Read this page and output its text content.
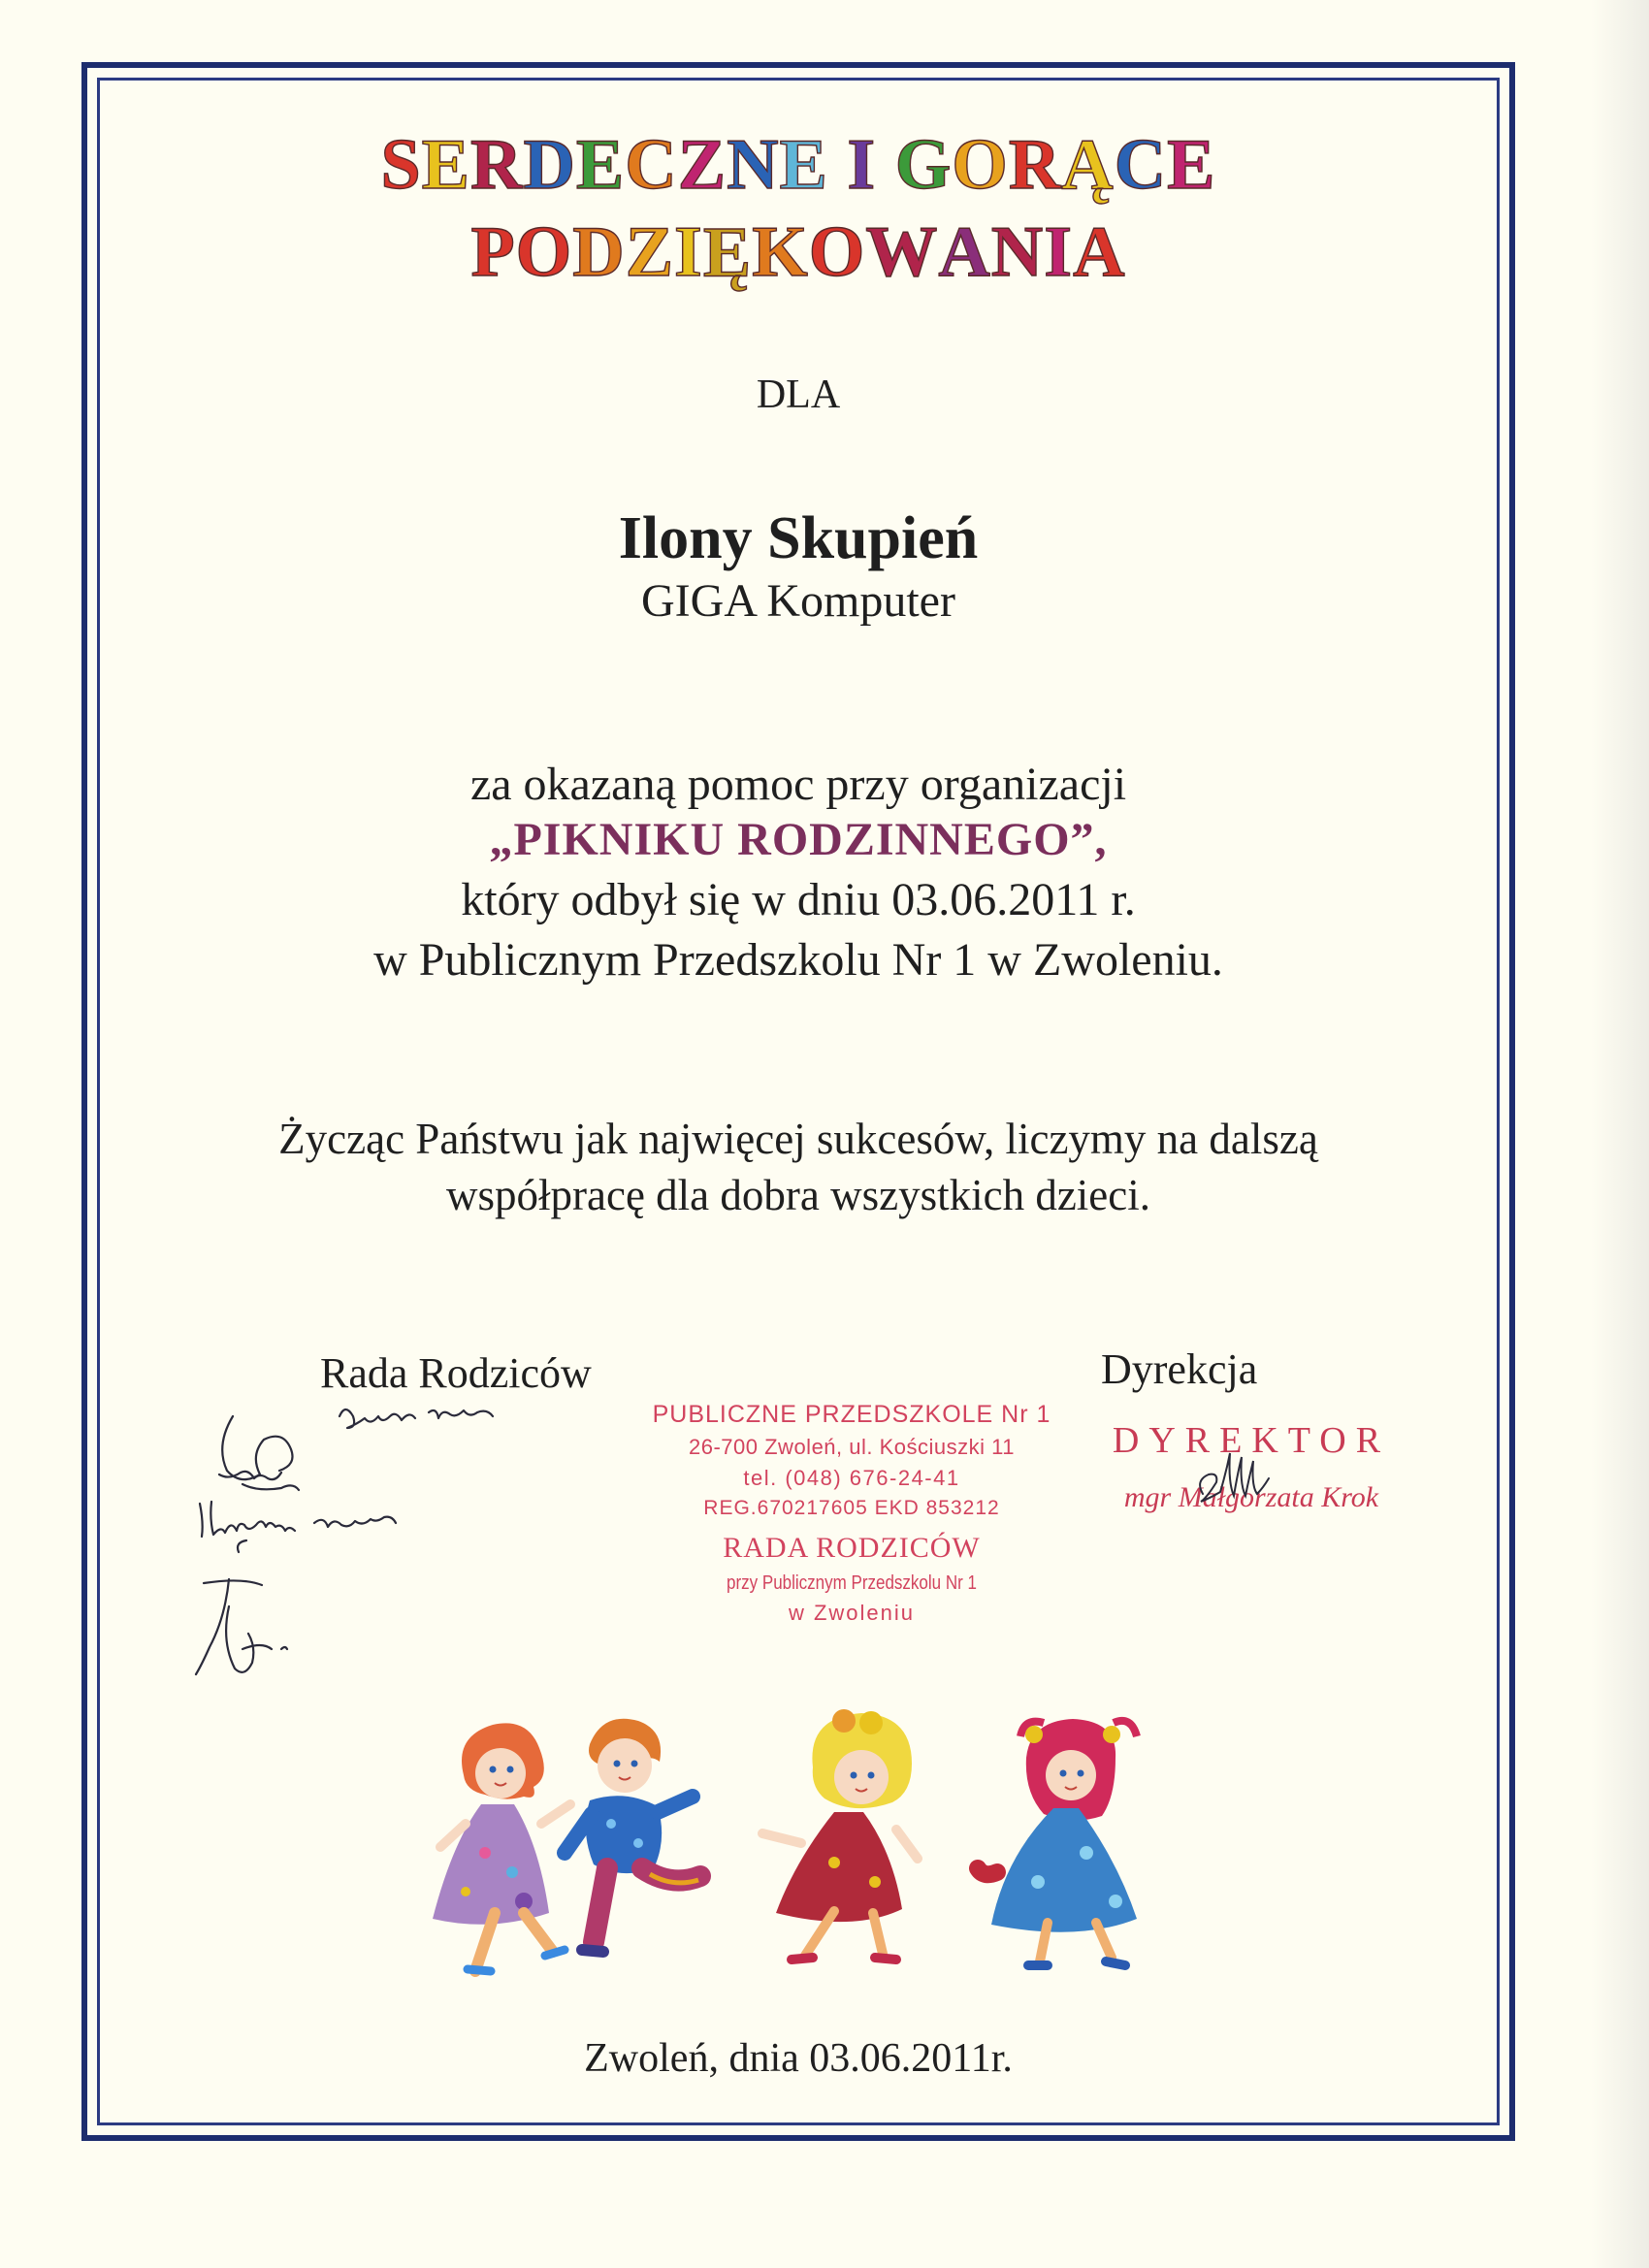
SERDECZNE I GORĄCE
PODZIĘKOWANIA
DLA
Ilony Skupień
GIGA Komputer
za okazaną pomoc przy organizacji
„PIKNIKU RODZINNEGO”,
który odbył się w dniu 03.06.2011 r.
w Publicznym Przedszkolu Nr 1 w Zwoleniu.
Życząc Państwu jak najwięcej sukcesów, liczymy na dalszą
współpracę dla dobra wszystkich dzieci.
Rada Rodziców	Dyrekcja
PUBLICZNE PRZEDSZKOLE Nr 1
26-700 Zwoleń, ul. Kościuszki 11
tel. (048) 676-24-41
REG.670217605 EKD 853212
RADA RODZICÓW
przy Publicznym Przedszkolu Nr 1
w Zwoleniu
DYREKTOR
mgr Małgorzata Krok
Zwoleń, dnia 03.06.2011r.
